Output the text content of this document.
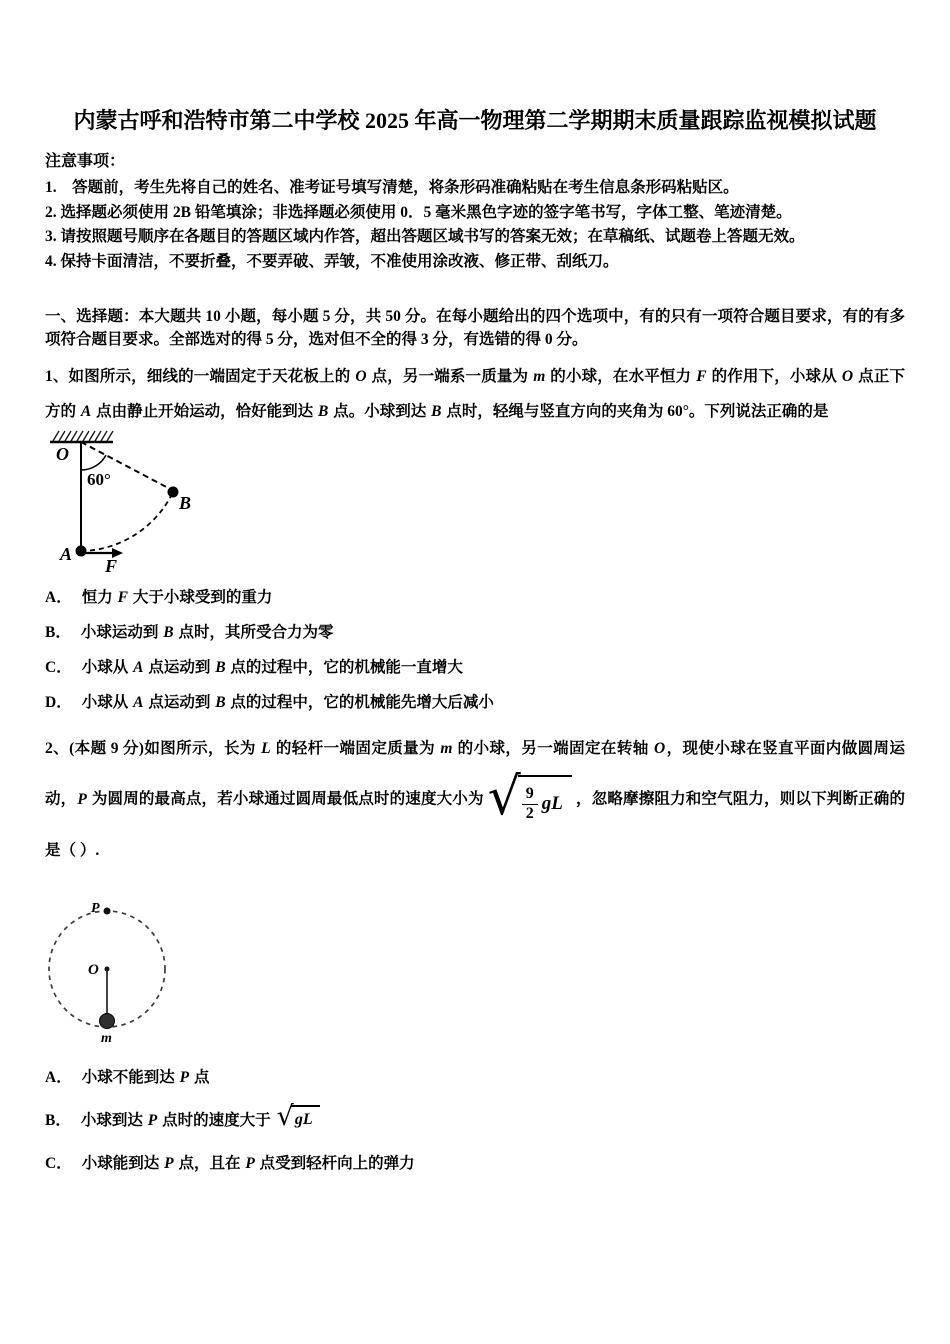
内蒙古呼和浩特市第二中学校 2025 年高一物理第二学期期末质量跟踪监视模拟试题
注意事项：
1.　答题前，考生先将自己的姓名、准考证号填写清楚，将条形码准确粘贴在考生信息条形码粘贴区。
2. 选择题必须使用 2B 铅笔填涂；非选择题必须使用 0．5 毫米黑色字迹的签字笔书写，字体工整、笔迹清楚。
3. 请按照题号顺序在各题目的答题区域内作答，超出答题区域书写的答案无效；在草稿纸、试题卷上答题无效。
4. 保持卡面清洁，不要折叠，不要弄破、弄皱，不准使用涂改液、修正带、刮纸刀。
一、选择题：本大题共 10 小题，每小题 5 分，共 50 分。在每小题给出的四个选项中，有的只有一项符合题目要求，有的有多项符合题目要求。全部选对的得 5 分，选对但不全的得 3 分，有选错的得 0 分。
1、如图所示，细线的一端固定于天花板上的 O 点，另一端系一质量为 m 的小球，在水平恒力 F 的作用下，小球从 O 点正下方的 A 点由静止开始运动，恰好能到达 B 点。小球到达 B 点时，轻绳与竖直方向的夹角为 60°。下列说法正确的是
O
60°
B
A
F
A． 恒力 F 大于小球受到的重力
B． 小球运动到 B 点时，其所受合力为零
C． 小球从 A 点运动到 B 点的过程中，它的机械能一直增大
D． 小球从 A 点运动到 B 点的过程中，它的机械能先增大后减小
2、(本题 9 分)如图所示，长为 L 的轻杆一端固定质量为 m 的小球，另一端固定在转轴 O，现使小球在竖直平面内做圆周运动，P 为圆周的最高点，若小球通过圆周最低点时的速度大小为 √ $\frac{9}{2}$ gL ，忽略摩擦阻力和空气阻力，则以下判断正确的是（ ）.
P
O
m
A． 小球不能到达 P 点
B． 小球到达 P 点时的速度大于 √ gL
C． 小球能到达 P 点，且在 P 点受到轻杆向上的弹力
